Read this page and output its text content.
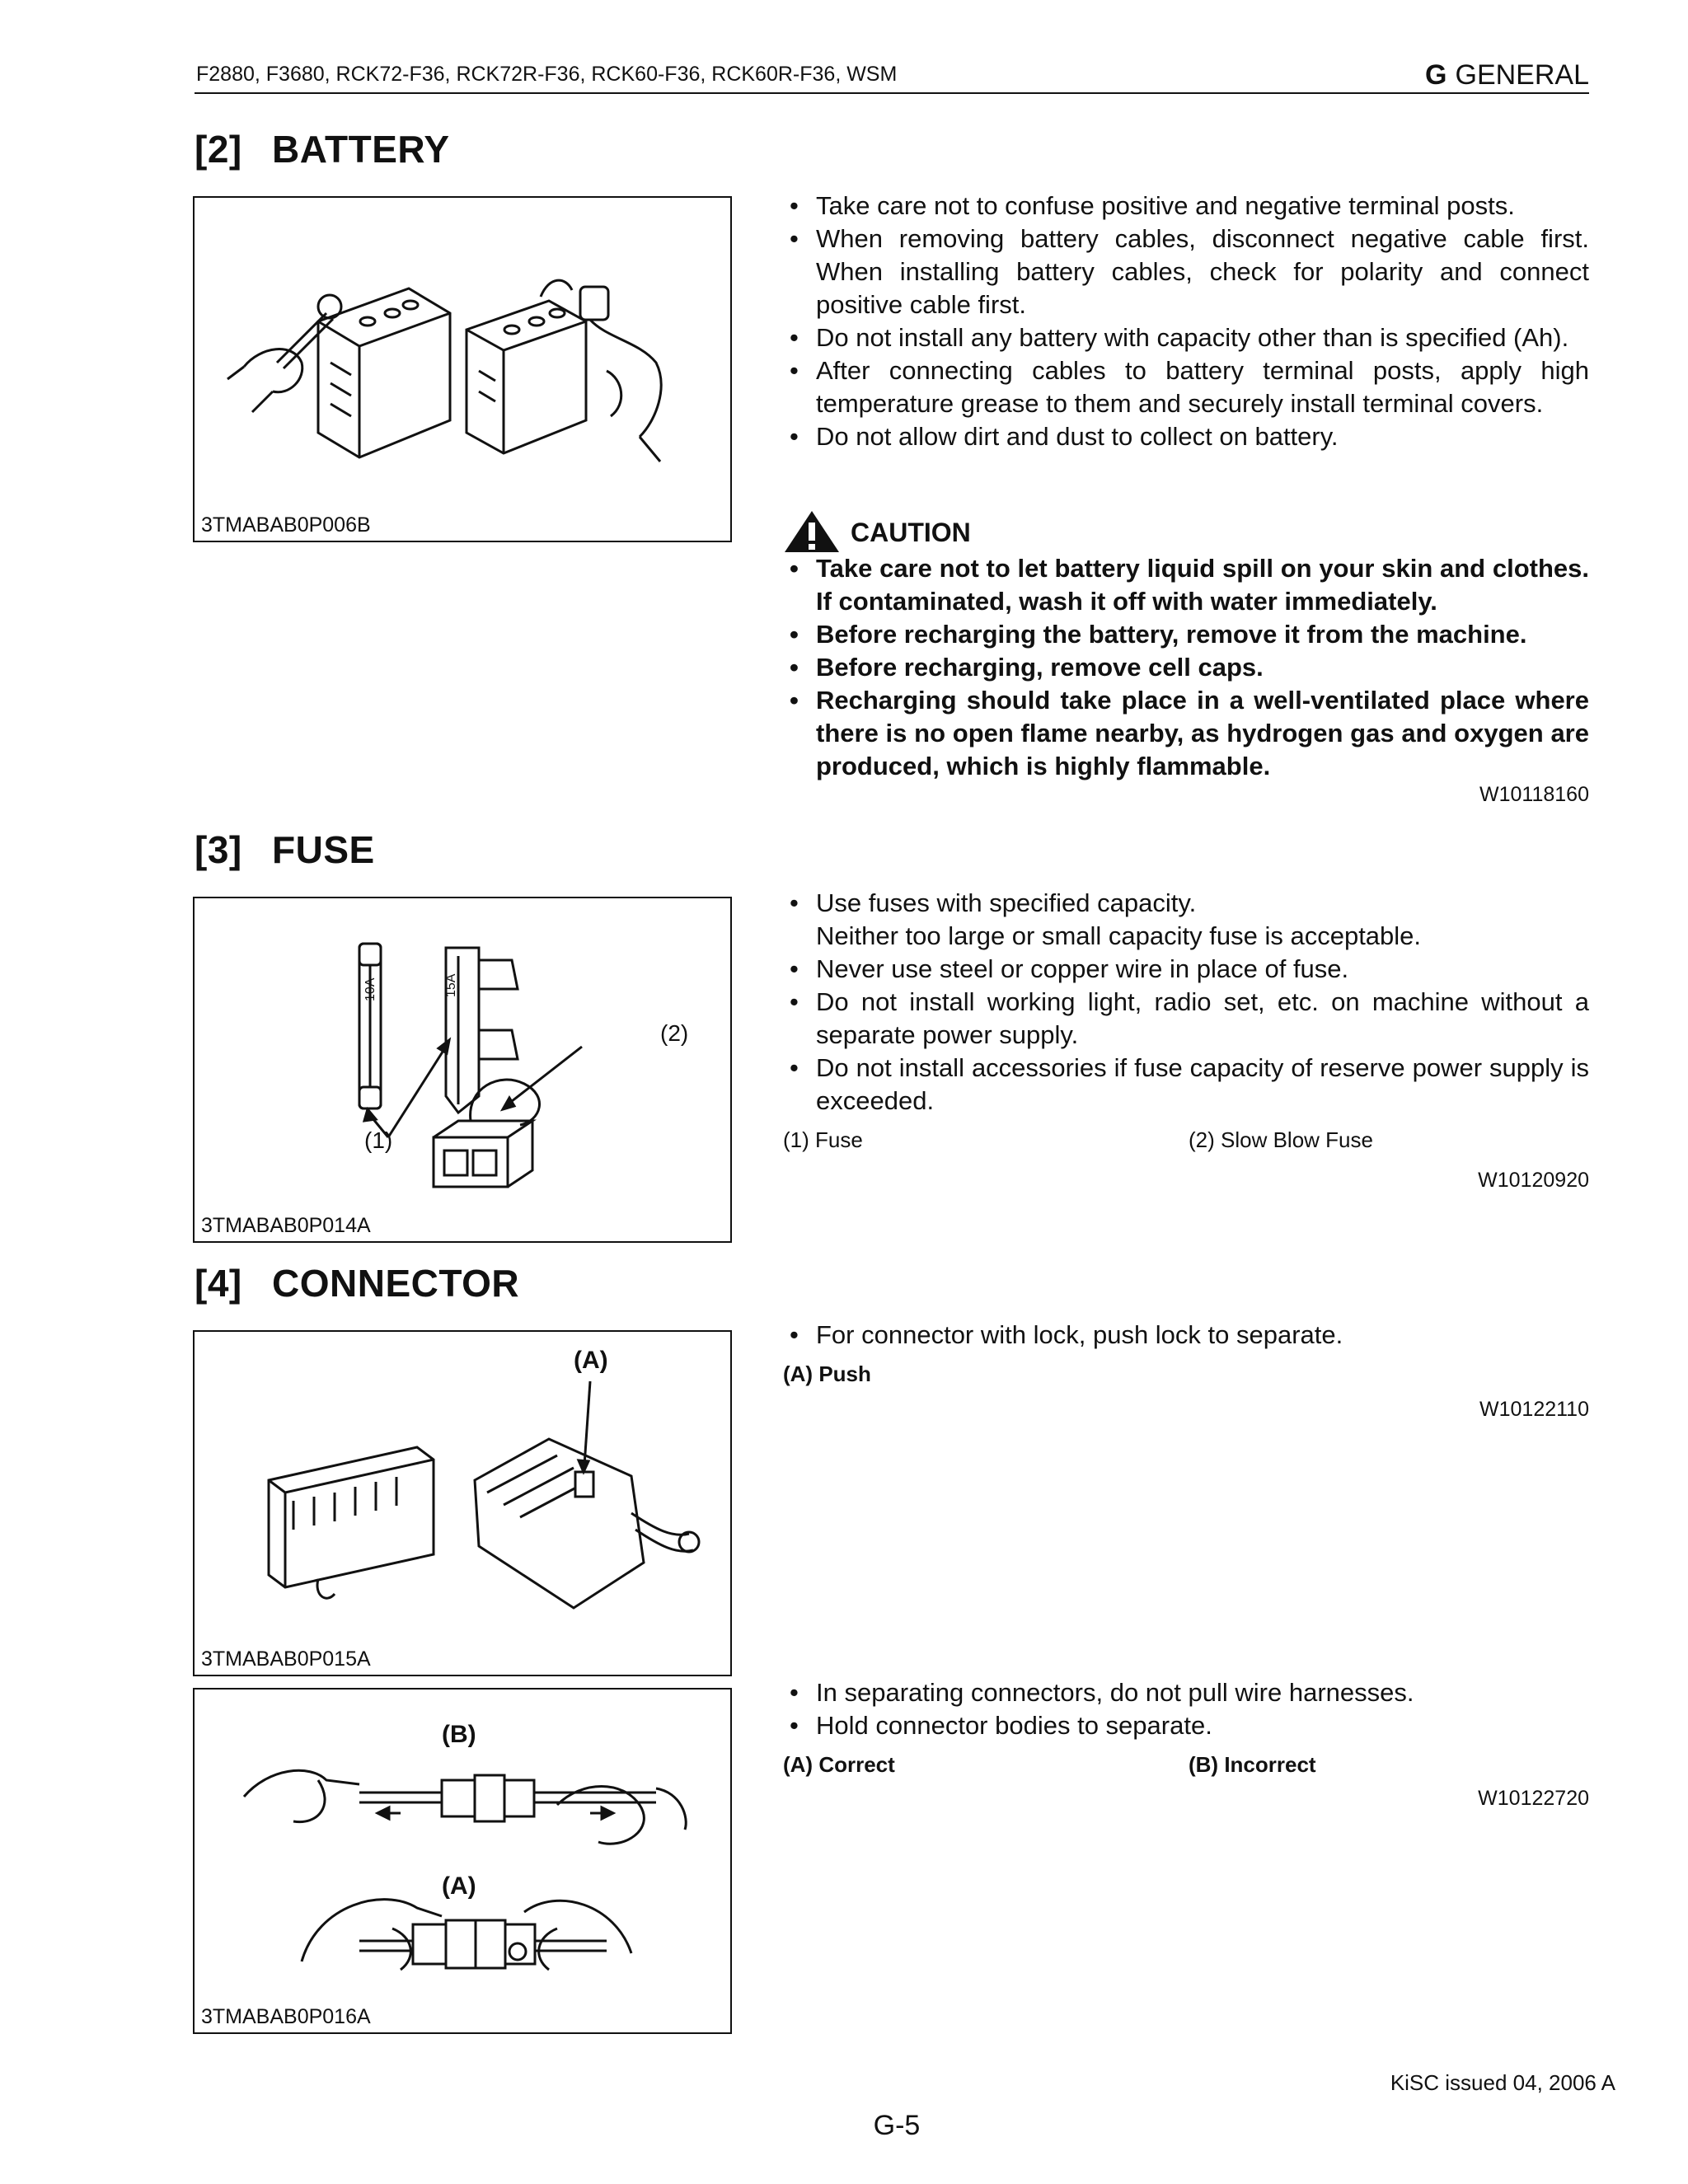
F2880, F3680, RCK72-F36, RCK72R-F36, RCK60-F36, RCK60R-F36, WSM	G GENERAL
[2] BATTERY
3TMABAB0P006B
• Take care not to confuse positive and negative terminal posts.
• When removing battery cables, disconnect negative cable first. When installing battery cables, check for polarity and connect positive cable first.
• Do not install any battery with capacity other than is specified (Ah).
• After connecting cables to battery terminal posts, apply high temperature grease to them and securely install terminal covers.
• Do not allow dirt and dust to collect on battery.
CAUTION
• Take care not to let battery liquid spill on your skin and clothes. If contaminated, wash it off with water immediately.
• Before recharging the battery, remove it from the machine.
• Before recharging, remove cell caps.
• Recharging should take place in a well-ventilated place where there is no open flame nearby, as hydrogen gas and oxygen are produced, which is highly flammable.
W10118160
[3] FUSE
10A	15A
(1)
(2)
3TMABAB0P014A
• Use fuses with specified capacity.
Neither too large or small capacity fuse is acceptable.
• Never use steel or copper wire in place of fuse.
• Do not install working light, radio set, etc. on machine without a separate power supply.
• Do not install accessories if fuse capacity of reserve power supply is exceeded.
(1) Fuse	(2) Slow Blow Fuse
W10120920
[4] CONNECTOR
(A)
3TMABAB0P015A
• For connector with lock, push lock to separate.
(A) Push
W10122110
(B)
(A)
3TMABAB0P016A
• In separating connectors, do not pull wire harnesses.
• Hold connector bodies to separate.
(A) Correct	(B) Incorrect
W10122720
KiSC issued 04, 2006 A
G-5
